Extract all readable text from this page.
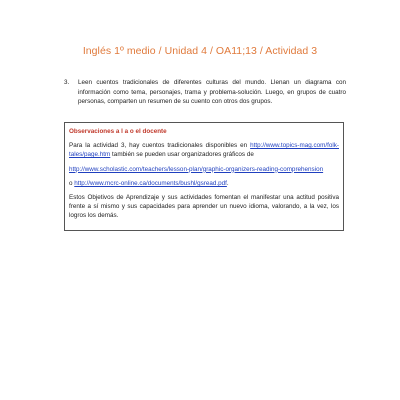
Inglés 1º medio / Unidad 4 / OA11;13 / Actividad 3
3.	Leen cuentos tradicionales de diferentes culturas del mundo. Llenan un diagrama con información como tema, personajes, trama y problema-solución. Luego, en grupos de cuatro personas, comparten un resumen de su cuento con otros dos grupos.
Observaciones a l a o el docente

Para la actividad 3, hay cuentos tradicionales disponibles en http://www.topics-mag.com/folk-tales/page.htm también se pueden usar organizadores gráficos de

http://www.scholastic.com/teachers/lesson-plan/graphic-organizers-reading-comprehension

o http://www.mcrc-online.ca/documents/bushl/gsread.pdf.

Estos Objetivos de Aprendizaje y sus actividades fomentan el manifestar una actitud positiva frente a sí mismo y sus capacidades para aprender un nuevo idioma, valorando, a la vez, los logros los demás.
